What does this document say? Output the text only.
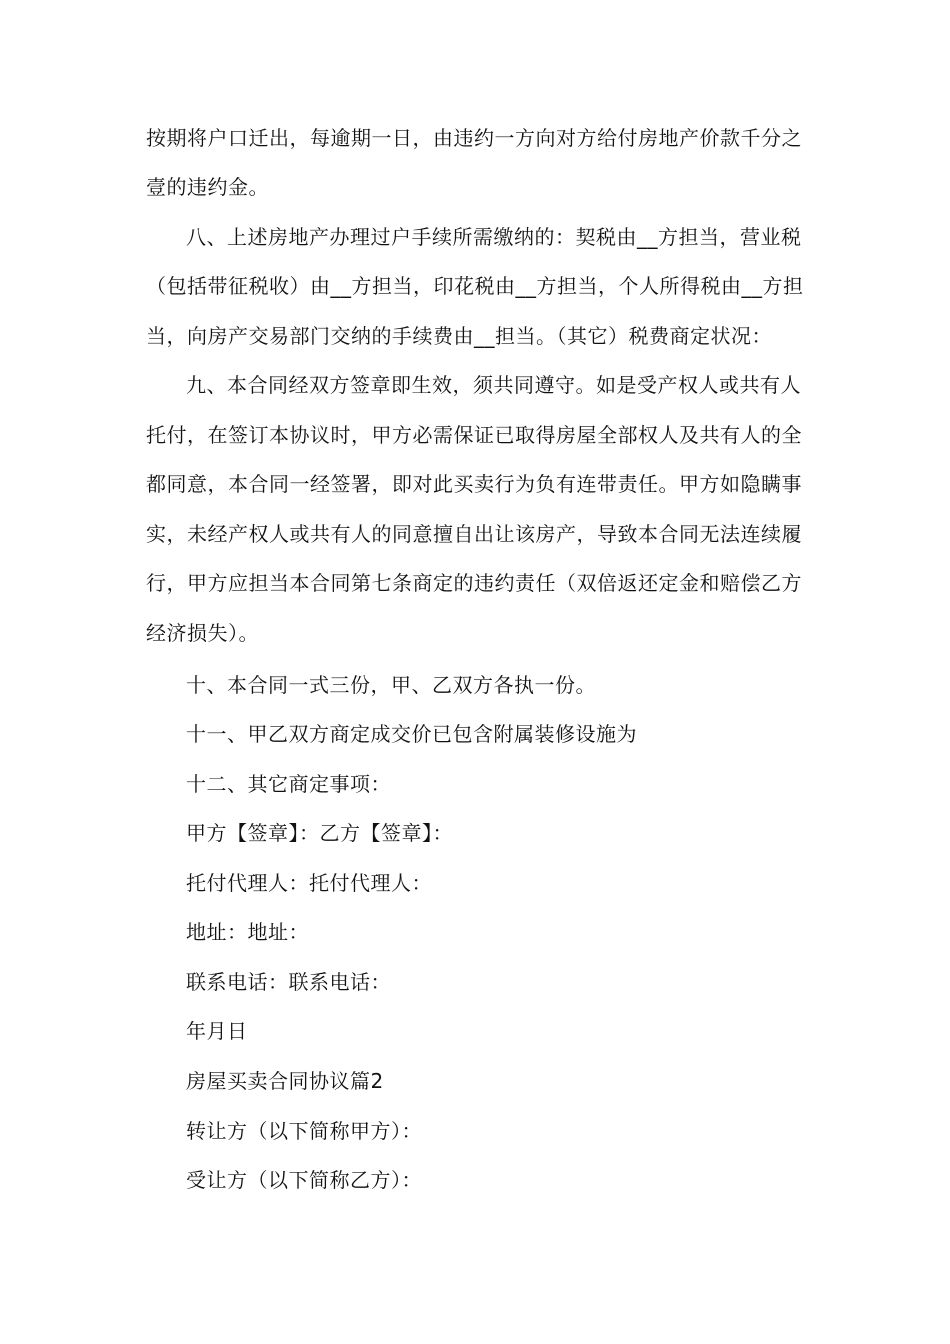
按期将户口迁出，每逾期一日，由违约一方向对方给付房地产价款千分之
壹的违约金。
八、上述房地产办理过户手续所需缴纳的：契税由__方担当，营业税
（包括带征税收）由__方担当，印花税由__方担当，个人所得税由__方担
当，向房产交易部门交纳的手续费由__担当。（其它）税费商定状况：
九、本合同经双方签章即生效，须共同遵守。如是受产权人或共有人
托付，在签订本协议时，甲方必需保证已取得房屋全部权人及共有人的全
都同意，本合同一经签署，即对此买卖行为负有连带责任。甲方如隐瞒事
实，未经产权人或共有人的同意擅自出让该房产，导致本合同无法连续履
行，甲方应担当本合同第七条商定的违约责任（双倍返还定金和赔偿乙方
经济损失）。
十、本合同一式三份，甲、乙双方各执一份。
十一、甲乙双方商定成交价已包含附属装修设施为
十二、其它商定事项：
甲方【签章】：乙方【签章】：
托付代理人：托付代理人：
地址：地址：
联系电话：联系电话：
年月日
房屋买卖合同协议篇2
转让方（以下简称甲方）：
受让方（以下简称乙方）：
